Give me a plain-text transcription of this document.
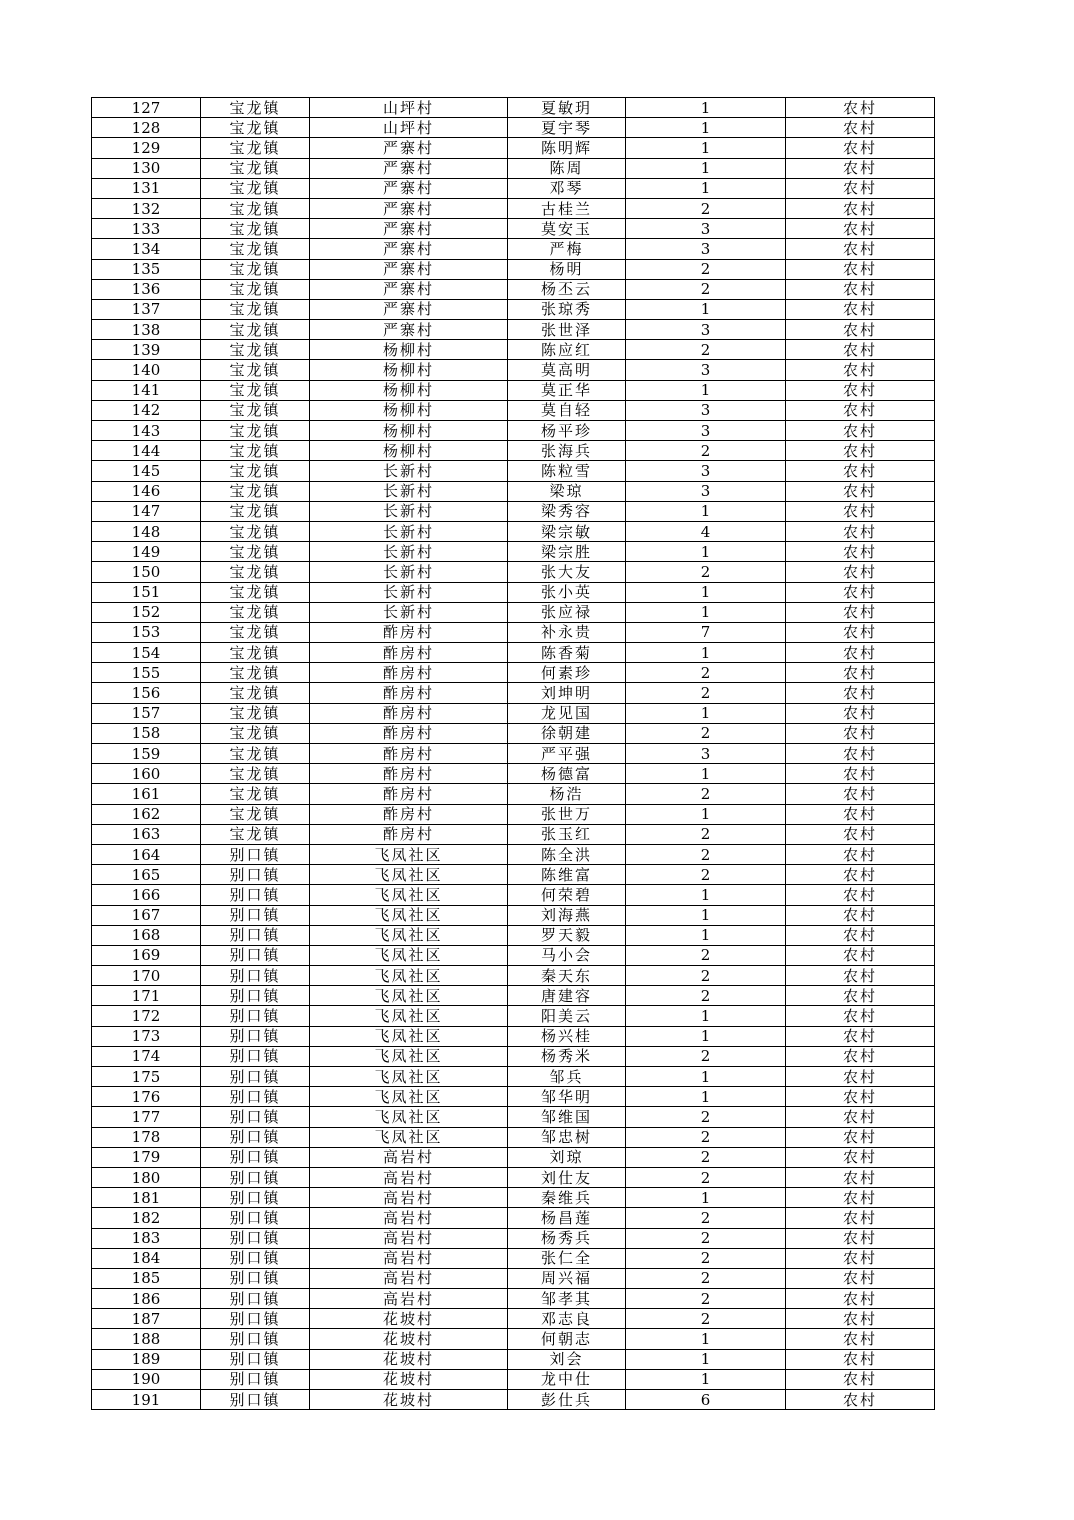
127	宝龙镇	山坪村	夏敏玥	1	农村
128	宝龙镇	山坪村	夏宇琴	1	农村
129	宝龙镇	严寨村	陈明辉	1	农村
130	宝龙镇	严寨村	陈周	1	农村
131	宝龙镇	严寨村	邓琴	1	农村
132	宝龙镇	严寨村	古桂兰	2	农村
133	宝龙镇	严寨村	莫安玉	3	农村
134	宝龙镇	严寨村	严梅	3	农村
135	宝龙镇	严寨村	杨明	2	农村
136	宝龙镇	严寨村	杨丕云	2	农村
137	宝龙镇	严寨村	张琼秀	1	农村
138	宝龙镇	严寨村	张世泽	3	农村
139	宝龙镇	杨柳村	陈应红	2	农村
140	宝龙镇	杨柳村	莫高明	3	农村
141	宝龙镇	杨柳村	莫正华	1	农村
142	宝龙镇	杨柳村	莫自轻	3	农村
143	宝龙镇	杨柳村	杨平珍	3	农村
144	宝龙镇	杨柳村	张海兵	2	农村
145	宝龙镇	长新村	陈粒雪	3	农村
146	宝龙镇	长新村	梁琼	3	农村
147	宝龙镇	长新村	梁秀容	1	农村
148	宝龙镇	长新村	梁宗敏	4	农村
149	宝龙镇	长新村	梁宗胜	1	农村
150	宝龙镇	长新村	张大友	2	农村
151	宝龙镇	长新村	张小英	1	农村
152	宝龙镇	长新村	张应禄	1	农村
153	宝龙镇	酢房村	补永贵	7	农村
154	宝龙镇	酢房村	陈香菊	1	农村
155	宝龙镇	酢房村	何素珍	2	农村
156	宝龙镇	酢房村	刘坤明	2	农村
157	宝龙镇	酢房村	龙见国	1	农村
158	宝龙镇	酢房村	徐朝建	2	农村
159	宝龙镇	酢房村	严平强	3	农村
160	宝龙镇	酢房村	杨德富	1	农村
161	宝龙镇	酢房村	杨浩	2	农村
162	宝龙镇	酢房村	张世万	1	农村
163	宝龙镇	酢房村	张玉红	2	农村
164	别口镇	飞凤社区	陈全洪	2	农村
165	别口镇	飞凤社区	陈维富	2	农村
166	别口镇	飞凤社区	何荣碧	1	农村
167	别口镇	飞凤社区	刘海燕	1	农村
168	别口镇	飞凤社区	罗天毅	1	农村
169	别口镇	飞凤社区	马小会	2	农村
170	别口镇	飞凤社区	秦天东	2	农村
171	别口镇	飞凤社区	唐建容	2	农村
172	别口镇	飞凤社区	阳美云	1	农村
173	别口镇	飞凤社区	杨兴桂	1	农村
174	别口镇	飞凤社区	杨秀米	2	农村
175	别口镇	飞凤社区	邹兵	1	农村
176	别口镇	飞凤社区	邹华明	1	农村
177	别口镇	飞凤社区	邹维国	2	农村
178	别口镇	飞凤社区	邹忠树	2	农村
179	别口镇	高岩村	刘琼	2	农村
180	别口镇	高岩村	刘仕友	2	农村
181	别口镇	高岩村	秦维兵	1	农村
182	别口镇	高岩村	杨昌莲	2	农村
183	别口镇	高岩村	杨秀兵	2	农村
184	别口镇	高岩村	张仁全	2	农村
185	别口镇	高岩村	周兴福	2	农村
186	别口镇	高岩村	邹孝其	2	农村
187	别口镇	花坡村	邓志良	2	农村
188	别口镇	花坡村	何朝志	1	农村
189	别口镇	花坡村	刘会	1	农村
190	别口镇	花坡村	龙中仕	1	农村
191	别口镇	花坡村	彭仕兵	6	农村
